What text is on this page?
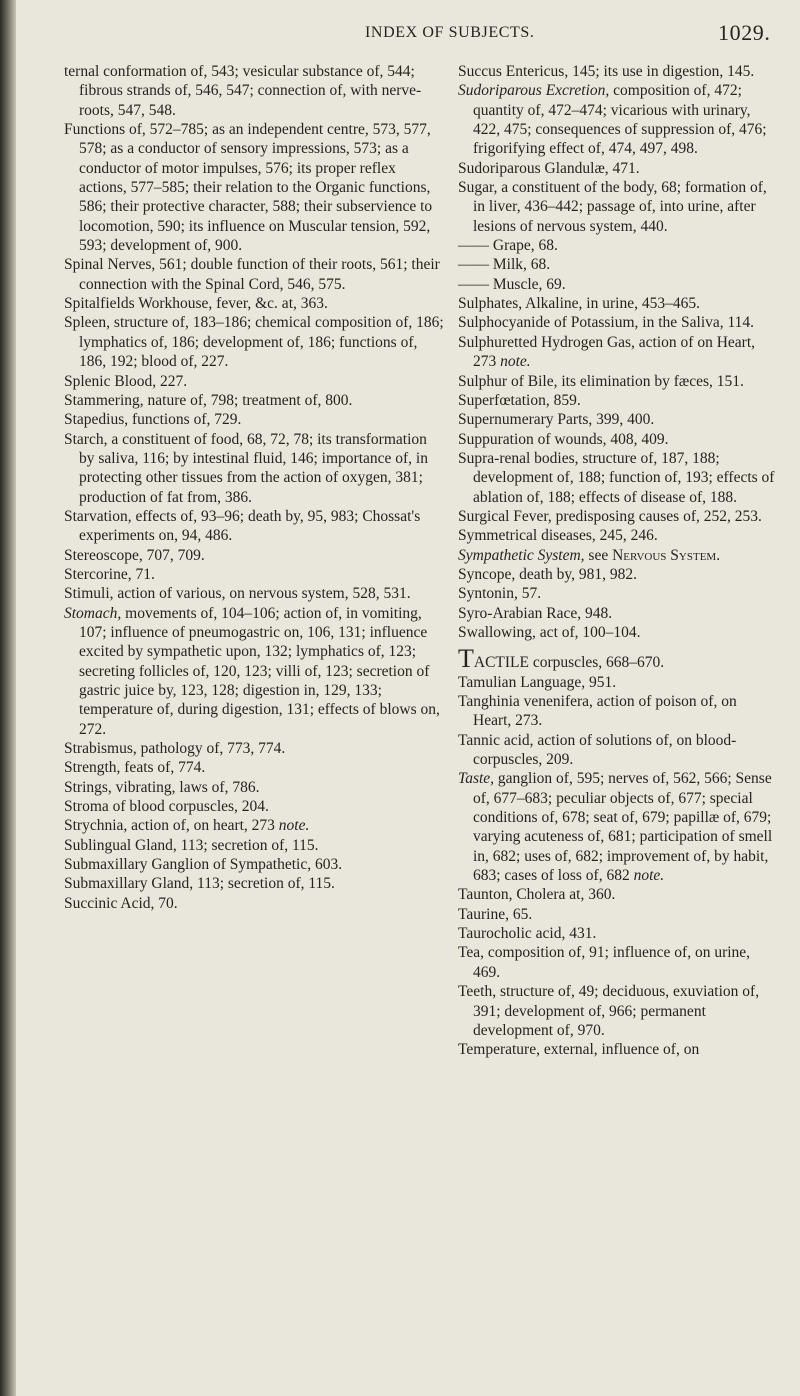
INDEX OF SUBJECTS.	1029.
ternal conformation of, 543; vesicular substance of, 544; fibrous strands of, 546, 547; connection of, with nerve-roots, 547, 548.
Functions of, 572–785; as an independent centre, 573, 577, 578; as a conductor of sensory impressions, 573; as a conductor of motor impulses, 576; its proper reflex actions, 577–585; their relation to the Organic functions, 586; their protective character, 588; their subservience to locomotion, 590; its influence on Muscular tension, 592, 593; development of, 900.
Spinal Nerves, 561; double function of their roots, 561; their connection with the Spinal Cord, 546, 575.
Spitalfields Workhouse, fever, &c. at, 363.
Spleen, structure of, 183–186; chemical composition of, 186; lymphatics of, 186; development of, 186; functions of, 186, 192; blood of, 227.
Splenic Blood, 227.
Stammering, nature of, 798; treatment of, 800.
Stapedius, functions of, 729.
Starch, a constituent of food, 68, 72, 78; its transformation by saliva, 116; by intestinal fluid, 146; importance of, in protecting other tissues from the action of oxygen, 381; production of fat from, 386.
Starvation, effects of, 93–96; death by, 95, 983; Chossat's experiments on, 94, 486.
Stereoscope, 707, 709.
Stercorine, 71.
Stimuli, action of various, on nervous system, 528, 531.
Stomach, movements of, 104–106; action of, in vomiting, 107; influence of pneumogastric on, 106, 131; influence excited by sympathetic upon, 132; lymphatics of, 123; secreting follicles of, 120, 123; villi of, 123; secretion of gastric juice by, 123, 128; digestion in, 129, 133; temperature of, during digestion, 131; effects of blows on, 272.
Strabismus, pathology of, 773, 774.
Strength, feats of, 774.
Strings, vibrating, laws of, 786.
Stroma of blood corpuscles, 204.
Strychnia, action of, on heart, 273 note.
Sublingual Gland, 113; secretion of, 115.
Submaxillary Ganglion of Sympathetic, 603.
Submaxillary Gland, 113; secretion of, 115.
Succinic Acid, 70.
Succus Entericus, 145; its use in digestion, 145.
Sudoriparous Excretion, composition of, 472; quantity of, 472–474; vicarious with urinary, 422, 475; consequences of suppression of, 476; frigorifying effect of, 474, 497, 498.
Sudoriparous Glandulæ, 471.
Sugar, a constituent of the body, 68; formation of, in liver, 436–442; passage of, into urine, after lesions of nervous system, 440.
—— Grape, 68.
—— Milk, 68.
—— Muscle, 69.
Sulphates, Alkaline, in urine, 453–465.
Sulphocyanide of Potassium, in the Saliva, 114.
Sulphuretted Hydrogen Gas, action of on Heart, 273 note.
Sulphur of Bile, its elimination by fæces, 151.
Superfœtation, 859.
Supernumerary Parts, 399, 400.
Suppuration of wounds, 408, 409.
Supra-renal bodies, structure of, 187, 188; development of, 188; function of, 193; effects of ablation of, 188; effects of disease of, 188.
Surgical Fever, predisposing causes of, 252, 253.
Symmetrical diseases, 245, 246.
Sympathetic System, see Nervous System.
Syncope, death by, 981, 982.
Syntonin, 57.
Syro-Arabian Race, 948.
Swallowing, act of, 100–104.
TACTILE corpuscles, 668–670.
Tamulian Language, 951.
Tanghinia venenifera, action of poison of, on Heart, 273.
Tannic acid, action of solutions of, on blood-corpuscles, 209.
Taste, ganglion of, 595; nerves of, 562, 566; Sense of, 677–683; peculiar objects of, 677; special conditions of, 678; seat of, 679; papillæ of, 679; varying acuteness of, 681; participation of smell in, 682; uses of, 682; improvement of, by habit, 683; cases of loss of, 682 note.
Taunton, Cholera at, 360.
Taurine, 65.
Taurocholic acid, 431.
Tea, composition of, 91; influence of, on urine, 469.
Teeth, structure of, 49; deciduous, exuviation of, 391; development of, 966; permanent development of, 970.
Temperature, external, influence of, on
